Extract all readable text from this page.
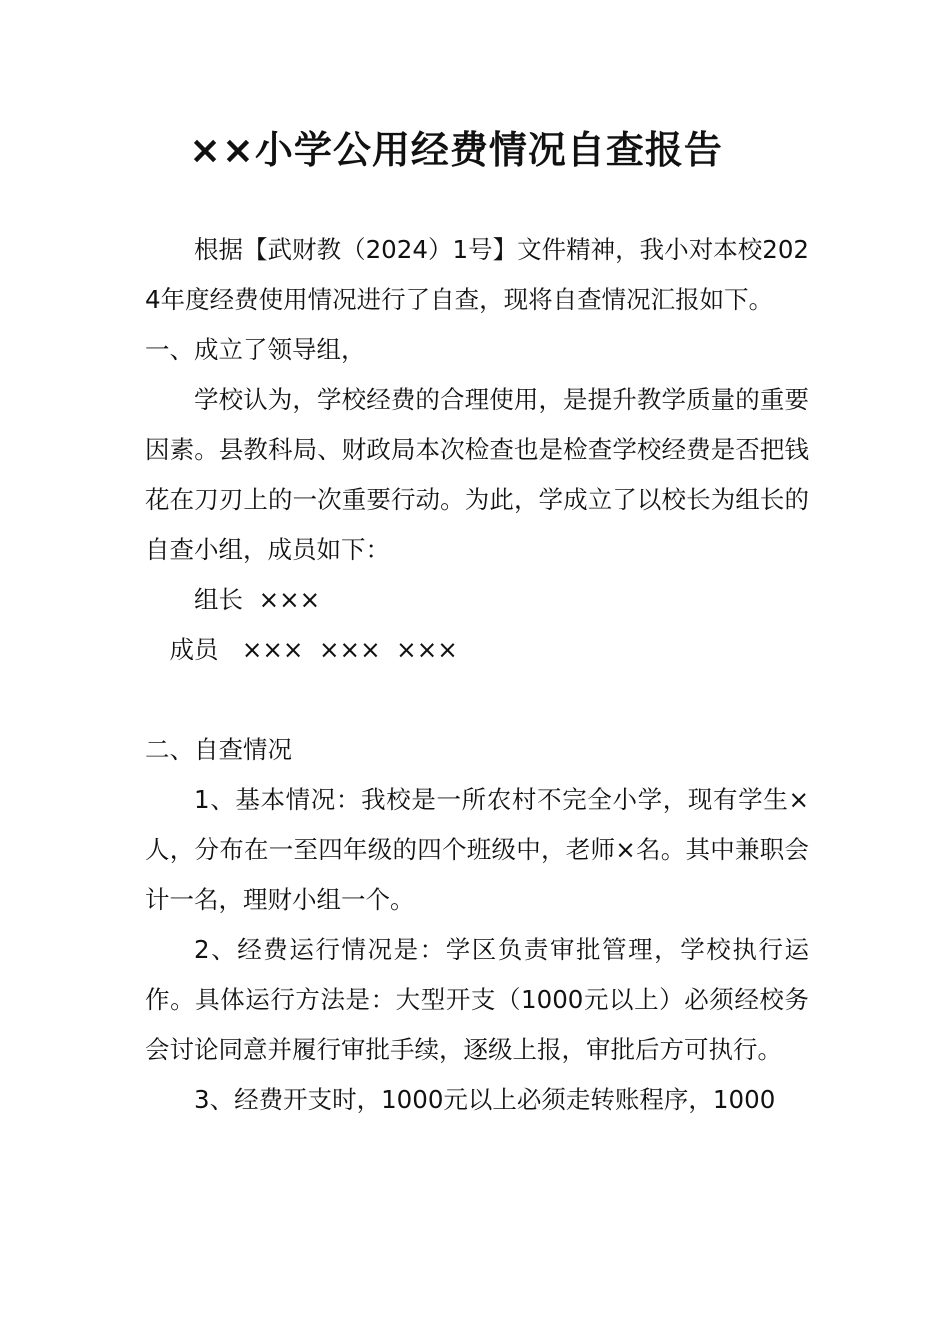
××小学公用经费情况自查报告

根据【武财教（2024）1号】文件精神，我小对本校2024年度经费使用情况进行了自查，现将自查情况汇报如下。

一、成立了领导组，

学校认为，学校经费的合理使用，是提升教学质量的重要因素。县教科局、财政局本次检查也是检查学校经费是否把钱花在刀刃上的一次重要行动。为此，学成立了以校长为组长的自查小组，成员如下：

组长  ×××

成员   ×××  ×××  ×××

二、自查情况

1、基本情况：我校是一所农村不完全小学，现有学生×人，分布在一至四年级的四个班级中，老师×名。其中兼职会计一名，理财小组一个。

2、经费运行情况是：学区负责审批管理，学校执行运作。具体运行方法是：大型开支（1000元以上）必须经校务会讨论同意并履行审批手续，逐级上报，审批后方可执行。

3、经费开支时，1000元以上必须走转账程序，1000
